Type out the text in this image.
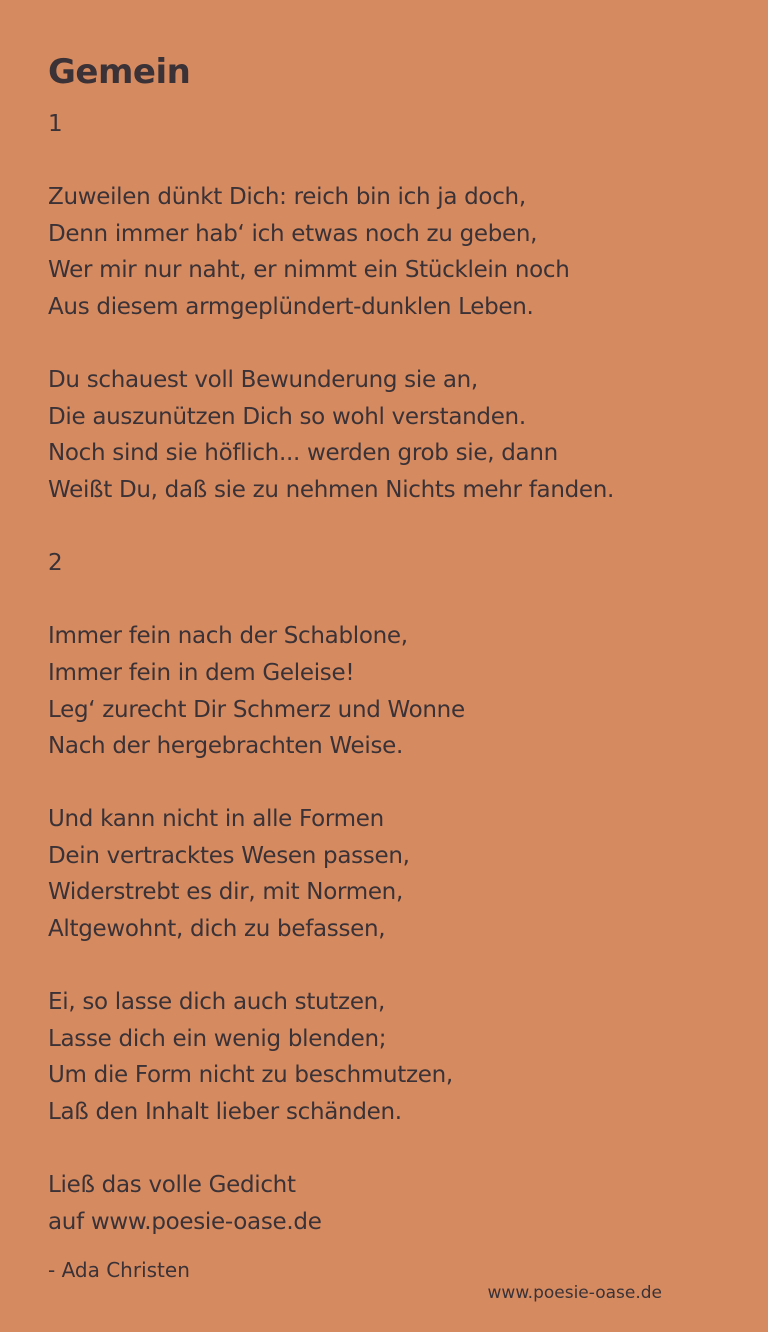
Gemein
1
Zuweilen dünkt Dich: reich bin ich ja doch,
Denn immer hab‘ ich etwas noch zu geben,
Wer mir nur naht, er nimmt ein Stücklein noch
Aus diesem armgeplündert-dunklen Leben.
Du schauest voll Bewunderung sie an,
Die auszunützen Dich so wohl verstanden.
Noch sind sie höflich... werden grob sie, dann
Weißt Du, daß sie zu nehmen Nichts mehr fanden.
2
Immer fein nach der Schablone,
Immer fein in dem Geleise!
Leg‘ zurecht Dir Schmerz und Wonne
Nach der hergebrachten Weise.
Und kann nicht in alle Formen
Dein vertracktes Wesen passen,
Widerstrebt es dir, mit Normen,
Altgewohnt, dich zu befassen,
Ei, so lasse dich auch stutzen,
Lasse dich ein wenig blenden;
Um die Form nicht zu beschmutzen,
Laß den Inhalt lieber schänden.
Ließ das volle Gedicht
auf www.poesie-oase.de
- Ada Christen
www.poesie-oase.de
